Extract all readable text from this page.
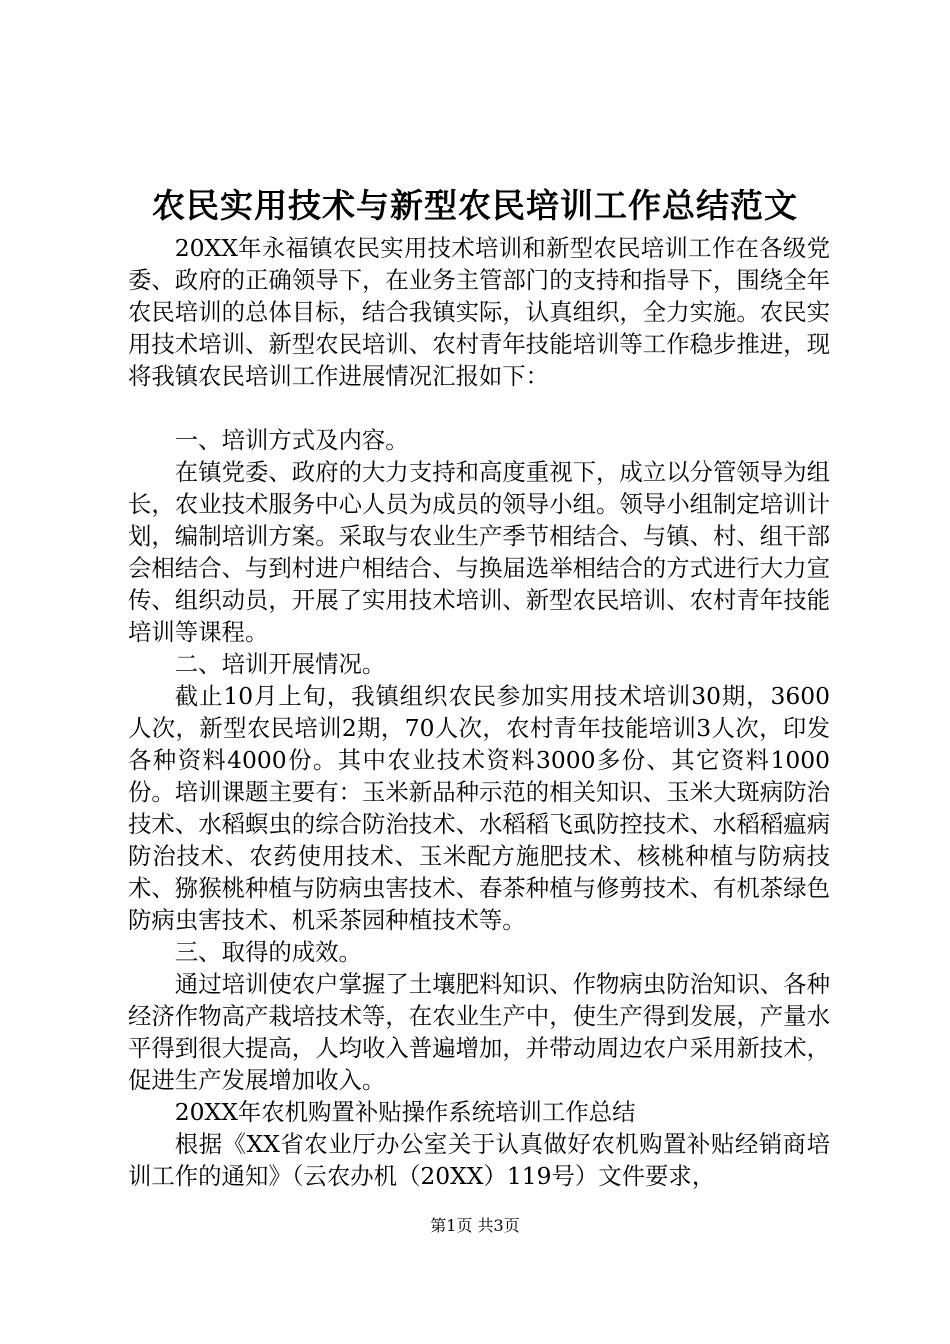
农民实用技术与新型农民培训工作总结范文

20XX年永福镇农民实用技术培训和新型农民培训工作在各级党委、政府的正确领导下，在业务主管部门的支持和指导下，围绕全年农民培训的总体目标，结合我镇实际，认真组织，全力实施。农民实用技术培训、新型农民培训、农村青年技能培训等工作稳步推进，现将我镇农民培训工作进展情况汇报如下：

一、培训方式及内容。

在镇党委、政府的大力支持和高度重视下，成立以分管领导为组长，农业技术服务中心人员为成员的领导小组。领导小组制定培训计划，编制培训方案。采取与农业生产季节相结合、与镇、村、组干部会相结合、与到村进户相结合、与换届选举相结合的方式进行大力宣传、组织动员，开展了实用技术培训、新型农民培训、农村青年技能培训等课程。

二、培训开展情况。

截止10月上旬，我镇组织农民参加实用技术培训30期，3600人次，新型农民培训2期，70人次，农村青年技能培训3人次，印发各种资料4000份。其中农业技术资料3000多份、其它资料1000份。培训课题主要有：玉米新品种示范的相关知识、玉米大斑病防治技术、水稻螟虫的综合防治技术、水稻稻飞虱防控技术、水稻稻瘟病防治技术、农药使用技术、玉米配方施肥技术、核桃种植与防病技术、猕猴桃种植与防病虫害技术、春茶种植与修剪技术、有机茶绿色防病虫害技术、机采茶园种植技术等。

三、取得的成效。

通过培训使农户掌握了土壤肥料知识、作物病虫防治知识、各种经济作物高产栽培技术等，在农业生产中，使生产得到发展，产量水平得到很大提高，人均收入普遍增加，并带动周边农户采用新技术，促进生产发展增加收入。

20XX年农机购置补贴操作系统培训工作总结

根据《XX省农业厅办公室关于认真做好农机购置补贴经销商培训工作的通知》（云农办机（20XX）119号）文件要求，

第1页 共3页
